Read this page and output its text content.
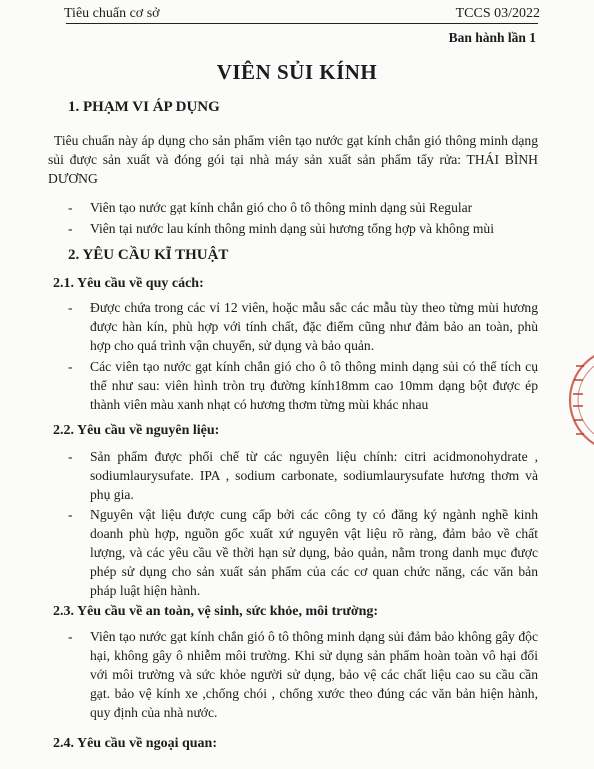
Tiêu chuẩn cơ sở	TCCS 03/2022
Ban hành lần 1
VIÊN SỦI KÍNH
1. PHẠM VI ÁP DỤNG
Tiêu chuẩn này áp dụng cho sản phẩm viên tạo nước gạt kính chắn gió thông minh dạng sủi được sản xuất và đóng gói tại nhà máy sản xuất sản phẩm tẩy rửa: THÁI BÌNH DƯƠNG
- Viên tạo nước gạt kính chắn gió cho ô tô thông minh dạng sủi Regular
- Viên tại nước lau kính thông minh dạng sủi hương tổng hợp và không mùi
2. YÊU CẦU KĨ THUẬT
2.1. Yêu cầu về quy cách:
- Được chứa trong các vỉ 12 viên, hoặc mẫu sắc các mẫu tùy theo từng mùi hương được hàn kín, phù hợp với tính chất, đặc điểm cũng như đảm bảo an toàn, phù hợp cho quá trình vận chuyển, sử dụng và bảo quản.
- Các viên tạo nước gạt kính chắn gió cho ô tô thông minh dạng sủi có thể tích cụ thể như sau: viên hình tròn trụ đường kính18mm cao 10mm dạng bột được ép thành viên màu xanh nhạt có hương thơm từng mùi khác nhau
2.2. Yêu cầu về nguyên liệu:
- Sản phẩm được phối chế từ các nguyên liệu chính: citri acidmonohydrate , sodiumlaurysufate. IPA , sodium carbonate, sodiumlaurysufate hương thơm và phụ gia.
- Nguyên vật liệu được cung cấp bởi các công ty có đăng ký ngành nghề kinh doanh phù hợp, nguồn gốc xuất xứ nguyên vật liệu rõ ràng, đảm bảo về chất lượng, và các yêu cầu về thời hạn sử dụng, bảo quản, nằm trong danh mục được phép sử dụng cho sản xuất sản phẩm của các cơ quan chức năng, các văn bản pháp luật hiện hành.
2.3. Yêu cầu về an toàn, vệ sinh, sức khỏe, môi trường:
- Viên tạo nước gạt kính chắn gió ô tô thông minh dạng sủi đảm bảo không gây độc hại, không gây ô nhiễm môi trường. Khi sử dụng sản phẩm hoàn toàn vô hại đối với môi trường và sức khỏe người sử dụng, bảo vệ các chất liệu cao su cầu cần gạt. bảo vệ kính xe ,chống chói , chống xước theo đúng các văn bản hiện hành, quy định của nhà nước.
2.4. Yêu cầu về ngoại quan:
